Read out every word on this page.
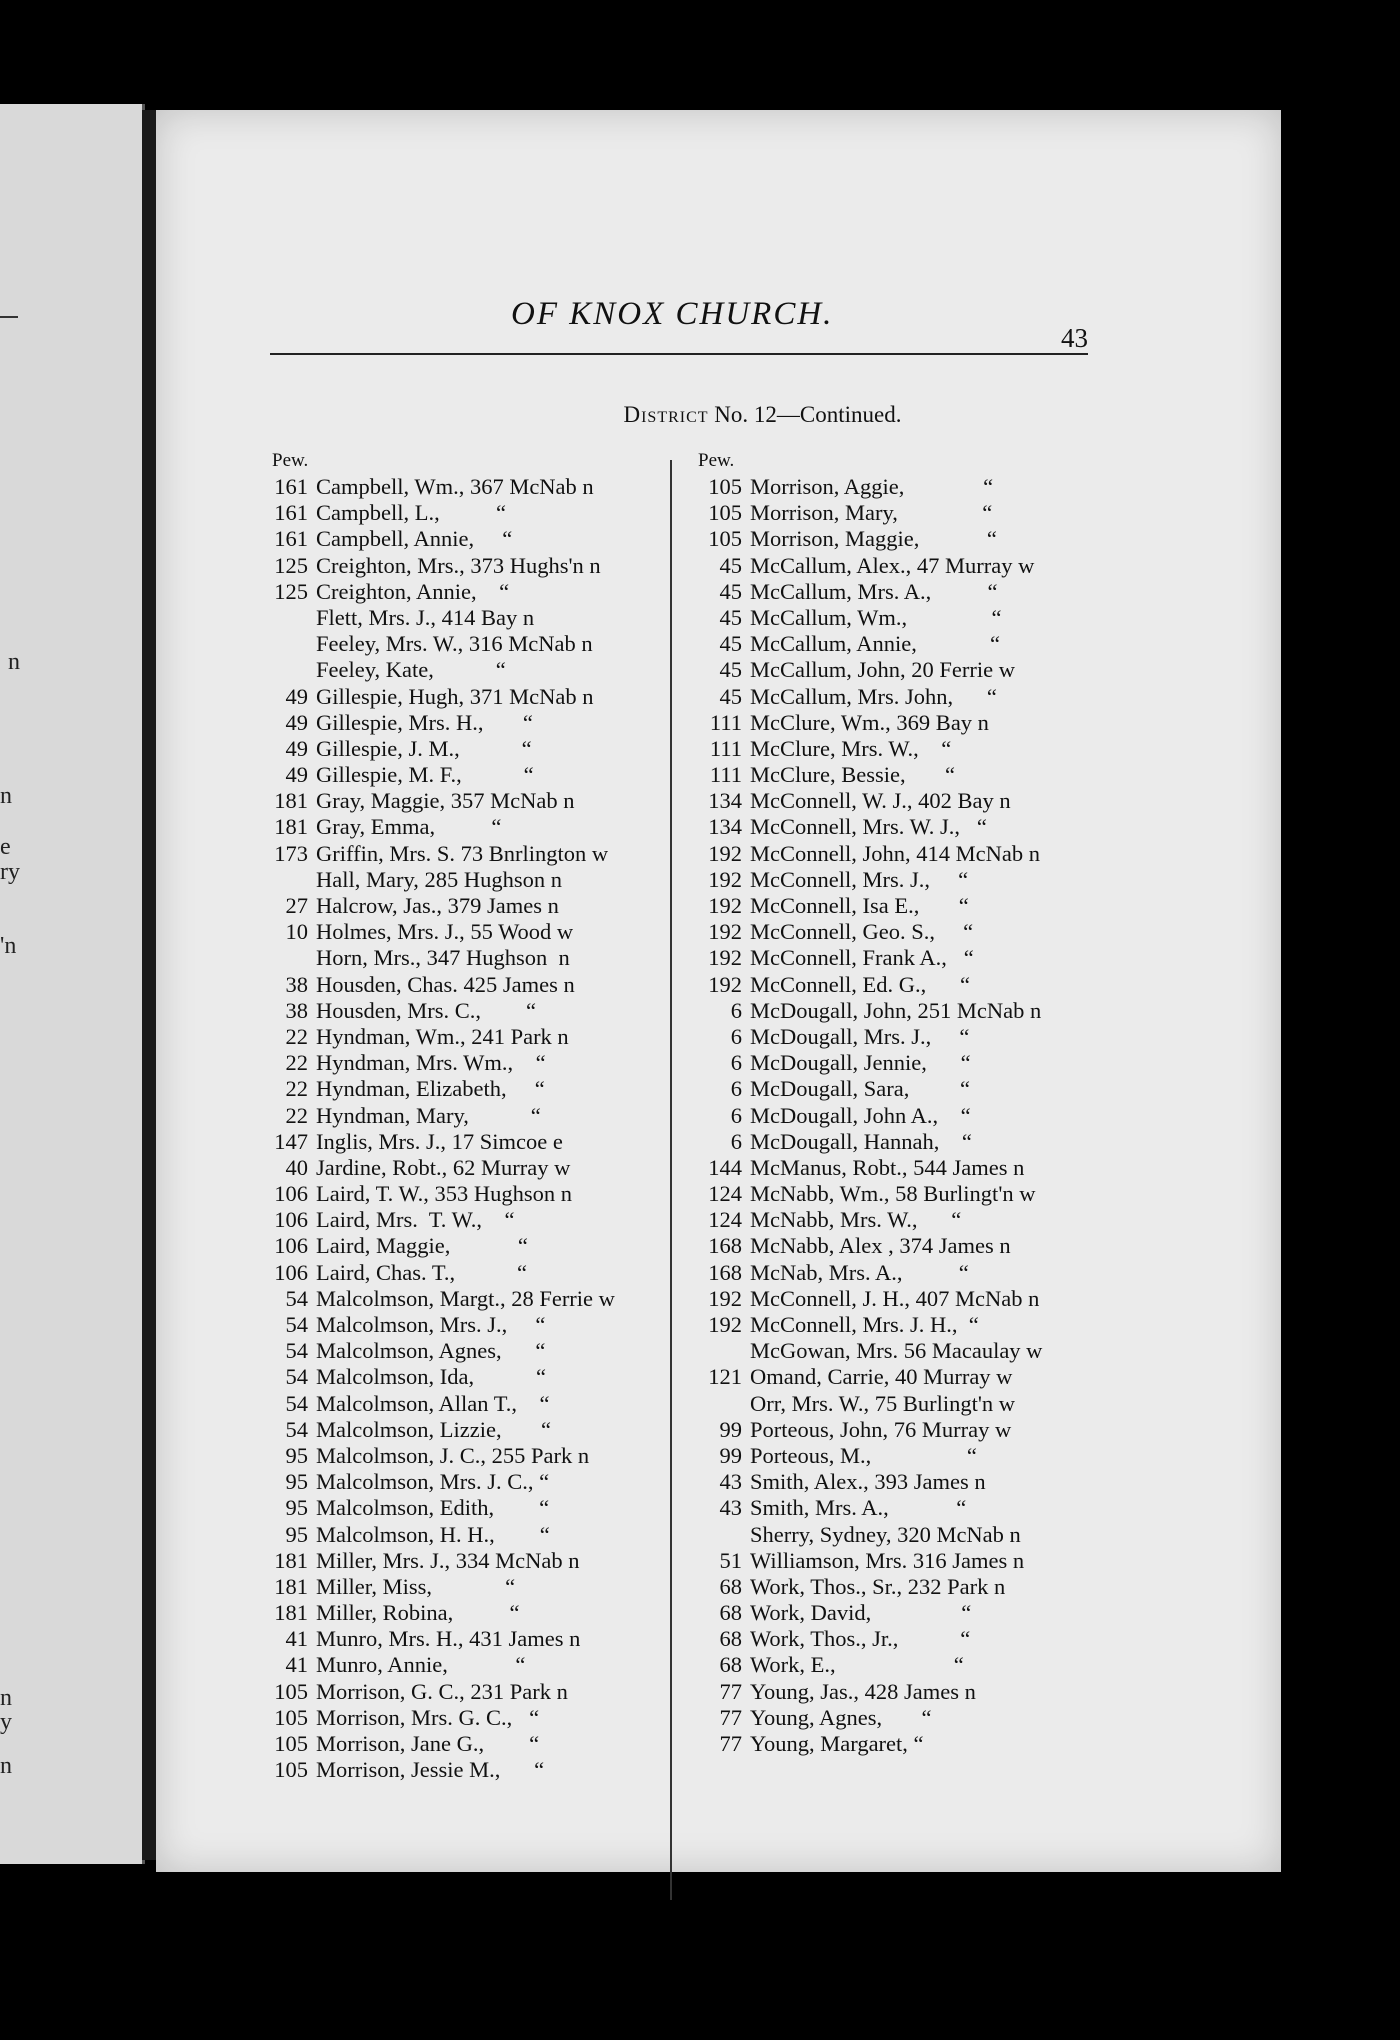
n
n
e
ry
'n
n
y
n
OF KNOX CHURCH.
43
District No. 12—Continued.
Pew.
161 Campbell, Wm., 367 McNab n
161 Campbell, L.,          “
161 Campbell, Annie,     “
125 Creighton, Mrs., 373 Hughs'n n
125 Creighton, Annie,    “
Flett, Mrs. J., 414 Bay n
Feeley, Mrs. W., 316 McNab n
Feeley, Kate,           “
49 Gillespie, Hugh, 371 McNab n
49 Gillespie, Mrs. H.,       “
49 Gillespie, J. M.,           “
49 Gillespie, M. F.,           “
181 Gray, Maggie, 357 McNab n
181 Gray, Emma,          “
173 Griffin, Mrs. S. 73 Bnrlington w
Hall, Mary, 285 Hughson n
27 Halcrow, Jas., 379 James n
10 Holmes, Mrs. J., 55 Wood w
Horn, Mrs., 347 Hughson  n
38 Housden, Chas. 425 James n
38 Housden, Mrs. C.,        “
22 Hyndman, Wm., 241 Park n
22 Hyndman, Mrs. Wm.,    “
22 Hyndman, Elizabeth,     “
22 Hyndman, Mary,           “
147 Inglis, Mrs. J., 17 Simcoe e
40 Jardine, Robt., 62 Murray w
106 Laird, T. W., 353 Hughson n
106 Laird, Mrs.  T. W.,    “
106 Laird, Maggie,            “
106 Laird, Chas. T.,           “
54 Malcolmson, Margt., 28 Ferrie w
54 Malcolmson, Mrs. J.,     “
54 Malcolmson, Agnes,      “
54 Malcolmson, Ida,           “
54 Malcolmson, Allan T.,    “
54 Malcolmson, Lizzie,       “
95 Malcolmson, J. C., 255 Park n
95 Malcolmson, Mrs. J. C., “
95 Malcolmson, Edith,        “
95 Malcolmson, H. H.,        “
181 Miller, Mrs. J., 334 McNab n
181 Miller, Miss,             “
181 Miller, Robina,          “
41 Munro, Mrs. H., 431 James n
41 Munro, Annie,            “
105 Morrison, G. C., 231 Park n
105 Morrison, Mrs. G. C.,   “
105 Morrison, Jane G.,        “
105 Morrison, Jessie M.,      “
Pew.
105 Morrison, Aggie,              “
105 Morrison, Mary,               “
105 Morrison, Maggie,            “
45 McCallum, Alex., 47 Murray w
45 McCallum, Mrs. A.,          “
45 McCallum, Wm.,               “
45 McCallum, Annie,             “
45 McCallum, John, 20 Ferrie w
45 McCallum, Mrs. John,      “
111 McClure, Wm., 369 Bay n
111 McClure, Mrs. W.,    “
111 McClure, Bessie,       “
134 McConnell, W. J., 402 Bay n
134 McConnell, Mrs. W. J.,   “
192 McConnell, John, 414 McNab n
192 McConnell, Mrs. J.,     “
192 McConnell, Isa E.,       “
192 McConnell, Geo. S.,     “
192 McConnell, Frank A.,   “
192 McConnell, Ed. G.,      “
6 McDougall, John, 251 McNab n
6 McDougall, Mrs. J.,     “
6 McDougall, Jennie,      “
6 McDougall, Sara,         “
6 McDougall, John A.,    “
6 McDougall, Hannah,    “
144 McManus, Robt., 544 James n
124 McNabb, Wm., 58 Burlingt'n w
124 McNabb, Mrs. W.,      “
168 McNabb, Alex , 374 James n
168 McNab, Mrs. A.,          “
192 McConnell, J. H., 407 McNab n
192 McConnell, Mrs. J. H.,  “
McGowan, Mrs. 56 Macaulay w
121 Omand, Carrie, 40 Murray w
Orr, Mrs. W., 75 Burlingt'n w
99 Porteous, John, 76 Murray w
99 Porteous, M.,                 “
43 Smith, Alex., 393 James n
43 Smith, Mrs. A.,            “
Sherry, Sydney, 320 McNab n
51 Williamson, Mrs. 316 James n
68 Work, Thos., Sr., 232 Park n
68 Work, David,                “
68 Work, Thos., Jr.,           “
68 Work, E.,                     “
77 Young, Jas., 428 James n
77 Young, Agnes,       “
77 Young, Margaret, “
